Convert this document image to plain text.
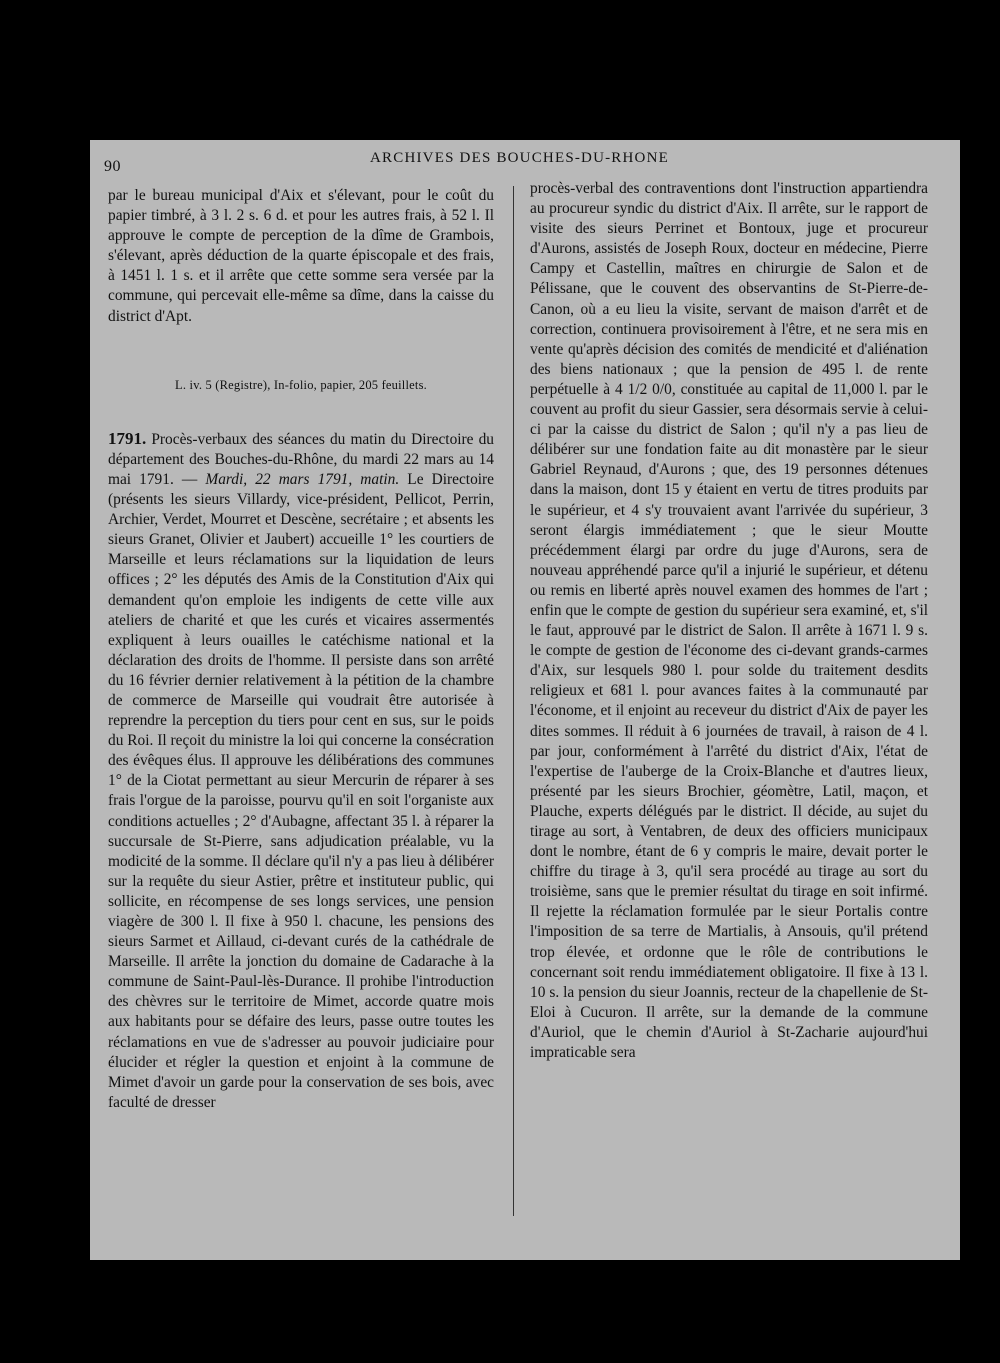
90	ARCHIVES DES BOUCHES-DU-RHONE

par le bureau municipal d'Aix et s'élevant, pour le coût du papier timbré, à 3 l. 2 s. 6 d. et pour les autres frais, à 52 l. Il approuve le compte de perception de la dîme de Grambois, s'élevant, après déduction de la quarte épiscopale et des frais, à 1451 l. 1 s. et il arrête que cette somme sera versée par la commune, qui percevait elle-même sa dîme, dans la caisse du district d'Apt.

L. iv. 5 (Registre), In-folio, papier, 205 feuillets.

1791. Procès-verbaux des séances du matin du Directoire du département des Bouches-du-Rhône, du mardi 22 mars au 14 mai 1791. — Mardi, 22 mars 1791, matin. Le Directoire (présents les sieurs Villardy, vice-président, Pellicot, Perrin, Archier, Verdet, Mourret et Descène, secrétaire ; et absents les sieurs Granet, Olivier et Jaubert) accueille 1° les courtiers de Marseille et leurs réclamations sur la liquidation de leurs offices ; 2° les députés des Amis de la Constitution d'Aix qui demandent qu'on emploie les indigents de cette ville aux ateliers de charité et que les curés et vicaires assermentés expliquent à leurs ouailles le catéchisme national et la déclaration des droits de l'homme. Il persiste dans son arrêté du 16 février dernier relativement à la pétition de la chambre de commerce de Marseille qui voudrait être autorisée à reprendre la perception du tiers pour cent en sus, sur le poids du Roi. Il reçoit du ministre la loi qui concerne la consécration des évêques élus. Il approuve les délibérations des communes 1° de la Ciotat permettant au sieur Mercurin de réparer à ses frais l'orgue de la paroisse, pourvu qu'il en soit l'organiste aux conditions actuelles ; 2° d'Aubagne, affectant 35 l. à réparer la succursale de St-Pierre, sans adjudication préalable, vu la modicité de la somme. Il déclare qu'il n'y a pas lieu à délibérer sur la requête du sieur Astier, prêtre et instituteur public, qui sollicite, en récompense de ses longs services, une pension viagère de 300 l. Il fixe à 950 l. chacune, les pensions des sieurs Sarmet et Aillaud, ci-devant curés de la cathédrale de Marseille. Il arrête la jonction du domaine de Cadarache à la commune de Saint-Paul-lès-Durance. Il prohibe l'introduction des chèvres sur le territoire de Mimet, accorde quatre mois aux habitants pour se défaire des leurs, passe outre toutes les réclamations en vue de s'adresser au pouvoir judiciaire pour élucider et régler la question et enjoint à la commune de Mimet d'avoir un garde pour la conservation de ses bois, avec faculté de dresser

procès-verbal des contraventions dont l'instruction appartiendra au procureur syndic du district d'Aix. Il arrête, sur le rapport de visite des sieurs Perrinet et Bontoux, juge et procureur d'Aurons, assistés de Joseph Roux, docteur en médecine, Pierre Campy et Castellin, maîtres en chirurgie de Salon et de Pélissane, que le couvent des observantins de St-Pierre-de-Canon, où a eu lieu la visite, servant de maison d'arrêt et de correction, continuera provisoirement à l'être, et ne sera mis en vente qu'après décision des comités de mendicité et d'aliénation des biens nationaux ; que la pension de 495 l. de rente perpétuelle à 4 1/2 0/0, constituée au capital de 11,000 l. par le couvent au profit du sieur Gassier, sera désormais servie à celui-ci par la caisse du district de Salon ; qu'il n'y a pas lieu de délibérer sur une fondation faite au dit monastère par le sieur Gabriel Reynaud, d'Aurons ; que, des 19 personnes détenues dans la maison, dont 15 y étaient en vertu de titres produits par le supérieur, et 4 s'y trouvaient avant l'arrivée du supérieur, 3 seront élargis immédiatement ; que le sieur Moutte précédemment élargi par ordre du juge d'Aurons, sera de nouveau appréhendé parce qu'il a injurié le supérieur, et détenu ou remis en liberté après nouvel examen des hommes de l'art ; enfin que le compte de gestion du supérieur sera examiné, et, s'il le faut, approuvé par le district de Salon. Il arrête à 1671 l. 9 s. le compte de gestion de l'économe des ci-devant grands-carmes d'Aix, sur lesquels 980 l. pour solde du traitement desdits religieux et 681 l. pour avances faites à la communauté par l'économe, et il enjoint au receveur du district d'Aix de payer les dites sommes. Il réduit à 6 journées de travail, à raison de 4 l. par jour, conformément à l'arrêté du district d'Aix, l'état de l'expertise de l'auberge de la Croix-Blanche et d'autres lieux, présenté par les sieurs Brochier, géomètre, Latil, maçon, et Plauche, experts délégués par le district. Il décide, au sujet du tirage au sort, à Ventabren, de deux des officiers municipaux dont le nombre, étant de 6 y compris le maire, devait porter le chiffre du tirage à 3, qu'il sera procédé au tirage au sort du troisième, sans que le premier résultat du tirage en soit infirmé. Il rejette la réclamation formulée par le sieur Portalis contre l'imposition de sa terre de Martialis, à Ansouis, qu'il prétend trop élevée, et ordonne que le rôle de contributions le concernant soit rendu immédiatement obligatoire. Il fixe à 13 l. 10 s. la pension du sieur Joannis, recteur de la chapellenie de St-Eloi à Cucuron. Il arrête, sur la demande de la commune d'Auriol, que le chemin d'Auriol à St-Zacharie aujourd'hui impraticable sera
